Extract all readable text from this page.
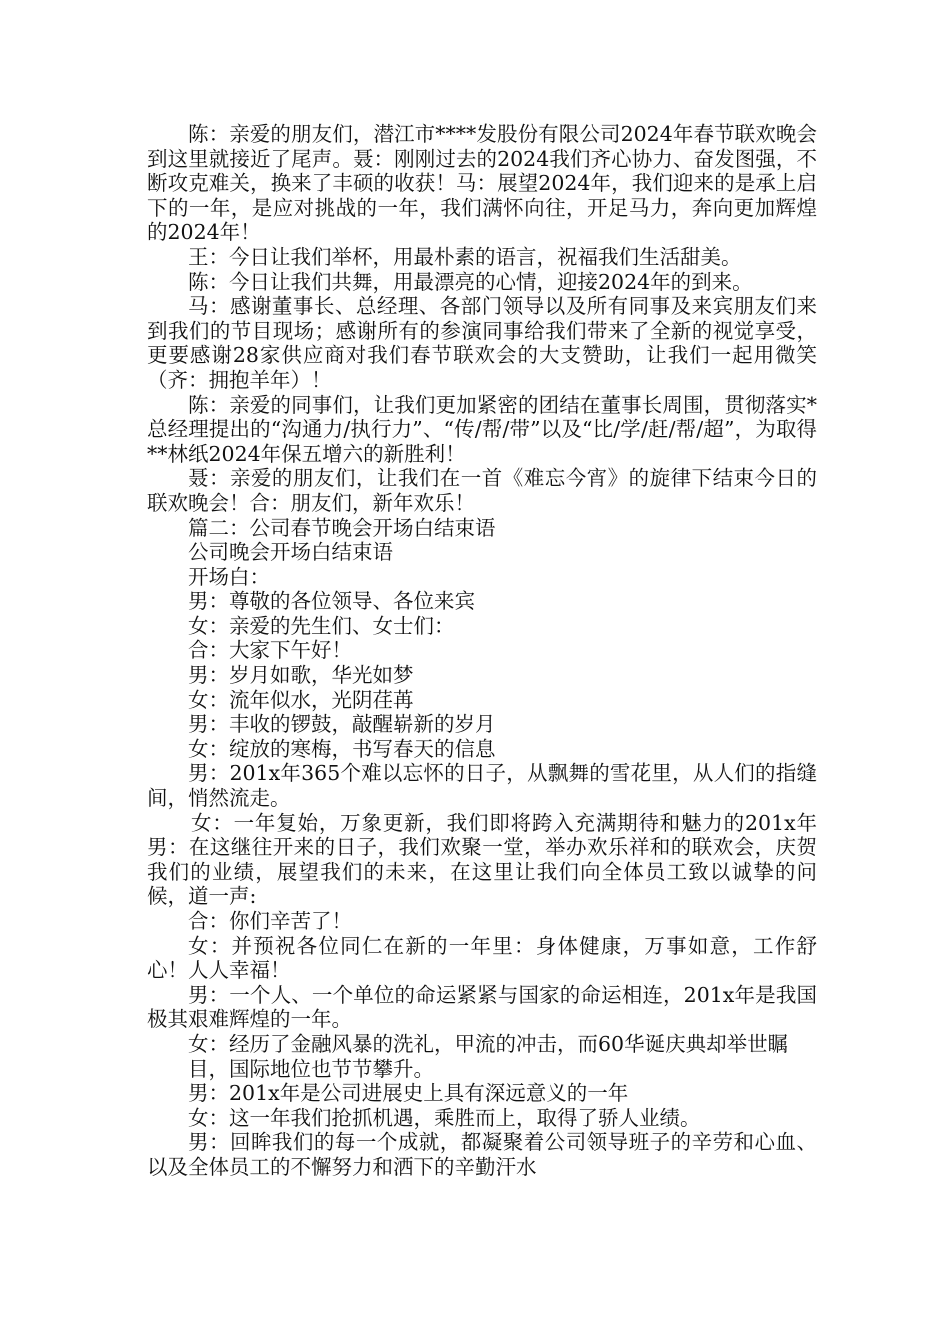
陈：亲爱的朋友们，潜江市****发股份有限公司2024年春节联欢晚会到这里就接近了尾声。聂：刚刚过去的2024我们齐心协力、奋发图强，不断攻克难关，换来了丰硕的收获！马：展望2024年，我们迎来的是承上启下的一年，是应对挑战的一年，我们满怀向往，开足马力，奔向更加辉煌的2024年！

王：今日让我们举杯，用最朴素的语言，祝福我们生活甜美。

陈：今日让我们共舞，用最漂亮的心情，迎接2024年的到来。

马：感谢董事长、总经理、各部门领导以及所有同事及来宾朋友们来到我们的节目现场；感谢所有的参演同事给我们带来了全新的视觉享受，更要感谢28家供应商对我们春节联欢会的大支赞助，让我们一起用微笑（齐：拥抱羊年）！

陈：亲爱的同事们，让我们更加紧密的团结在董事长周围，贯彻落实*总经理提出的“沟通力/执行力”、“传/帮/带”以及“比/学/赶/帮/超”，为取得**林纸2024年保五增六的新胜利！

聂：亲爱的朋友们，让我们在一首《难忘今宵》的旋律下结束今日的联欢晚会！合：朋友们，新年欢乐！

篇二：公司春节晚会开场白结束语

公司晚会开场白结束语

开场白：

男：尊敬的各位领导、各位来宾

女：亲爱的先生们、女士们：

合：大家下午好！

男：岁月如歌，华光如梦

女：流年似水，光阴荏苒

男：丰收的锣鼓，敲醒崭新的岁月

女：绽放的寒梅，书写春天的信息

男：201x年365个难以忘怀的日子，从飘舞的雪花里，从人们的指缝间，悄然流走。

女：一年复始，万象更新，我们即将跨入充满期待和魅力的201x年男：在这继往开来的日子，我们欢聚一堂，举办欢乐祥和的联欢会，庆贺我们的业绩，展望我们的未来，在这里让我们向全体员工致以诚挚的问候，道一声:

合：你们辛苦了！

女：并预祝各位同仁在新的一年里：身体健康，万事如意，工作舒心！人人幸福！

男：一个人、一个单位的命运紧紧与国家的命运相连，201x年是我国极其艰难辉煌的一年。

女：经历了金融风暴的洗礼，甲流的冲击，而60华诞庆典却举世瞩

目，国际地位也节节攀升。

男：201x年是公司进展史上具有深远意义的一年

女：这一年我们抢抓机遇，乘胜而上，取得了骄人业绩。

男：回眸我们的每一个成就，都凝聚着公司领导班子的辛劳和心血、以及全体员工的不懈努力和洒下的辛勤汗水
